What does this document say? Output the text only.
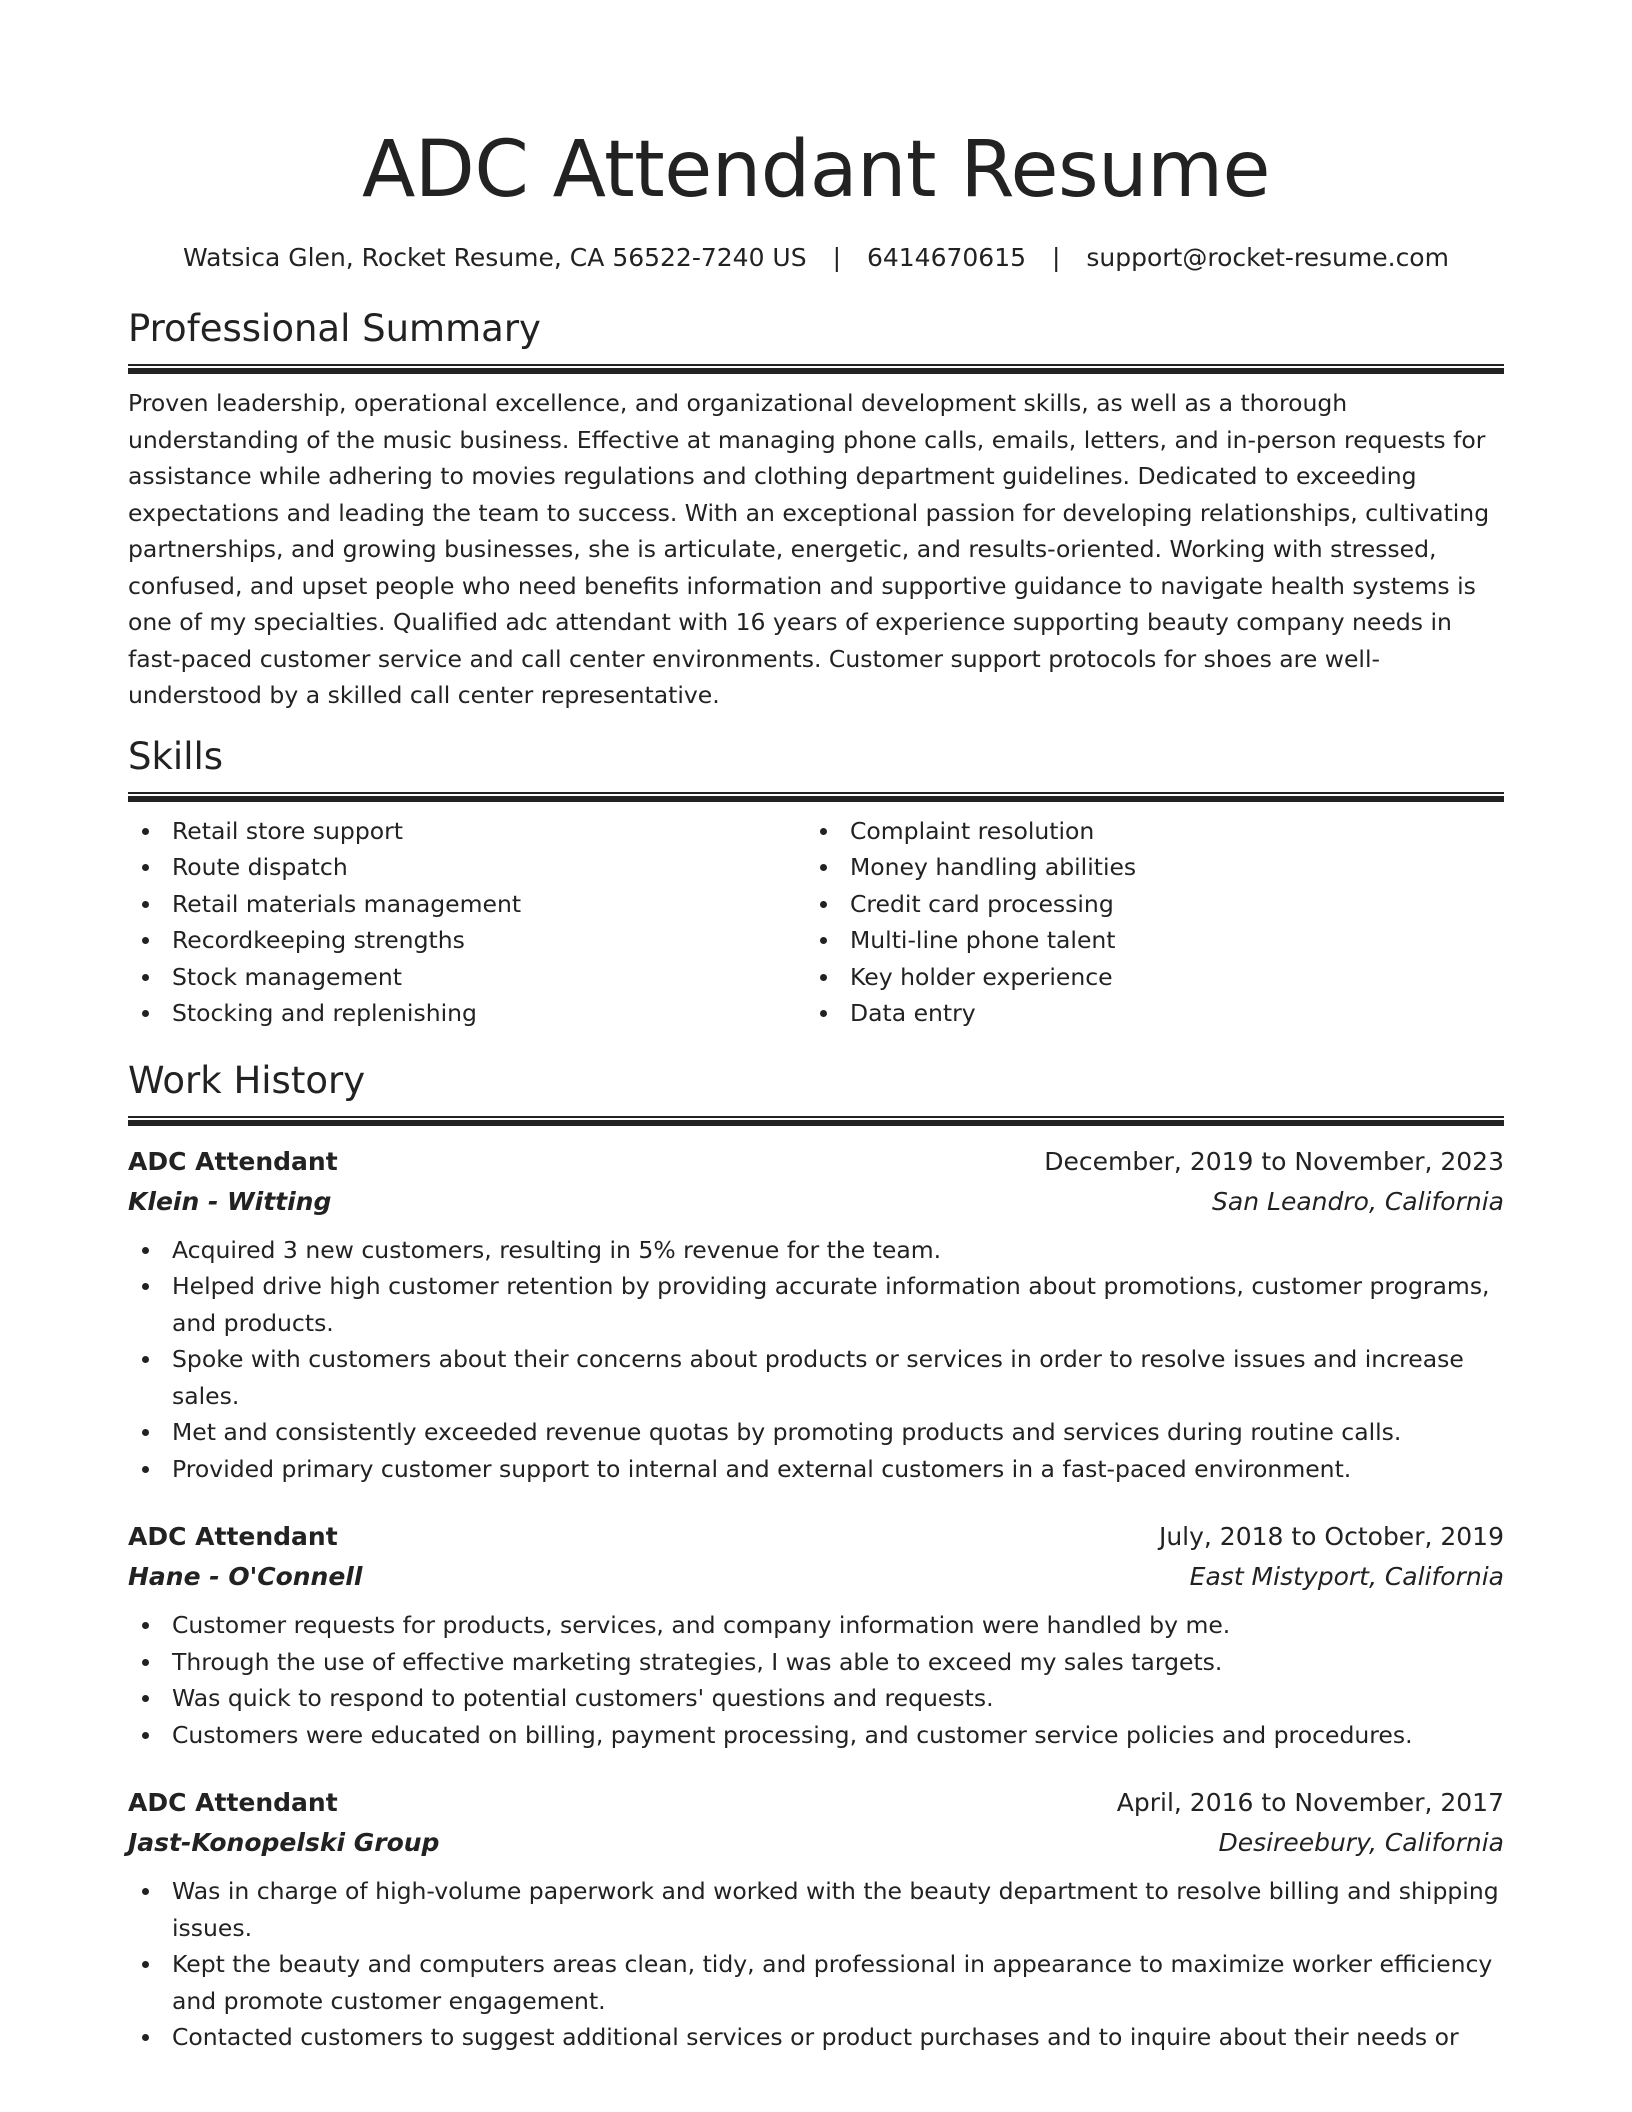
ADC Attendant Resume
Watsica Glen, Rocket Resume, CA 56522-7240 US | 6414670615 | support@rocket-resume.com
Professional Summary
Proven leadership, operational excellence, and organizational development skills, as well as a thorough understanding of the music business. Effective at managing phone calls, emails, letters, and in-person requests for assistance while adhering to movies regulations and clothing department guidelines. Dedicated to exceeding expectations and leading the team to success. With an exceptional passion for developing relationships, cultivating partnerships, and growing businesses, she is articulate, energetic, and results-oriented. Working with stressed, confused, and upset people who need benefits information and supportive guidance to navigate health systems is one of my specialties. Qualified adc attendant with 16 years of experience supporting beauty company needs in fast-paced customer service and call center environments. Customer support protocols for shoes are well-understood by a skilled call center representative.
Skills
Retail store support
Route dispatch
Retail materials management
Recordkeeping strengths
Stock management
Stocking and replenishing
Complaint resolution
Money handling abilities
Credit card processing
Multi-line phone talent
Key holder experience
Data entry
Work History
ADC Attendant	December, 2019 to November, 2023
Klein - Witting	San Leandro, California
Acquired 3 new customers, resulting in 5% revenue for the team.
Helped drive high customer retention by providing accurate information about promotions, customer programs, and products.
Spoke with customers about their concerns about products or services in order to resolve issues and increase sales.
Met and consistently exceeded revenue quotas by promoting products and services during routine calls.
Provided primary customer support to internal and external customers in a fast-paced environment.
ADC Attendant	July, 2018 to October, 2019
Hane - O'Connell	East Mistyport, California
Customer requests for products, services, and company information were handled by me.
Through the use of effective marketing strategies, I was able to exceed my sales targets.
Was quick to respond to potential customers' questions and requests.
Customers were educated on billing, payment processing, and customer service policies and procedures.
ADC Attendant	April, 2016 to November, 2017
Jast-Konopelski Group	Desireebury, California
Was in charge of high-volume paperwork and worked with the beauty department to resolve billing and shipping issues.
Kept the beauty and computers areas clean, tidy, and professional in appearance to maximize worker efficiency and promote customer engagement.
Contacted customers to suggest additional services or product purchases and to inquire about their needs or
